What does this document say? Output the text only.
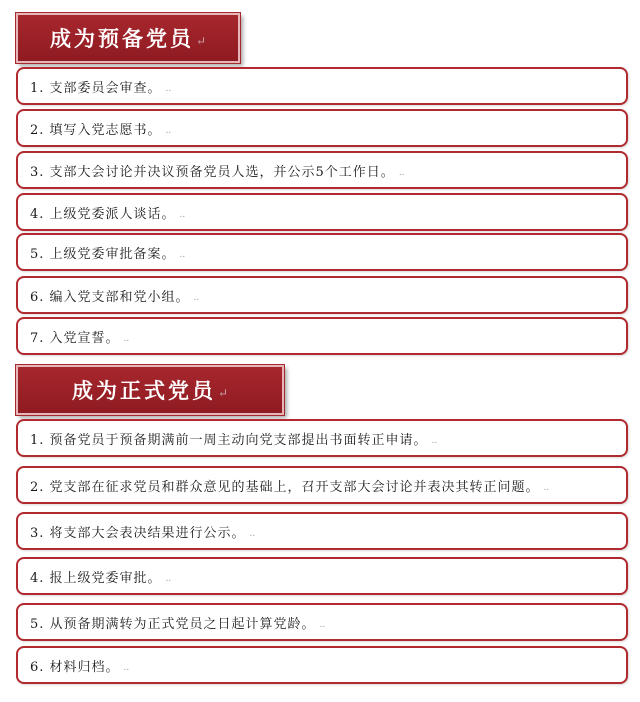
成为预备党员 ↵
1. 支部委员会审查。 ..
2. 填写入党志愿书。 ..
3. 支部大会讨论并决议预备党员人选，并公示5个工作日。 ..
4. 上级党委派人谈话。 ..
5. 上级党委审批备案。 ..
6. 编入党支部和党小组。 ..
7. 入党宣誓。 ..
成为正式党员 ↵
1. 预备党员于预备期满前一周主动向党支部提出书面转正申请。 ..
2. 党支部在征求党员和群众意见的基础上，召开支部大会讨论并表决其转正问题。 ..
3. 将支部大会表决结果进行公示。 ..
4. 报上级党委审批。 ..
5. 从预备期满转为正式党员之日起计算党龄。 ..
6. 材料归档。 ..
